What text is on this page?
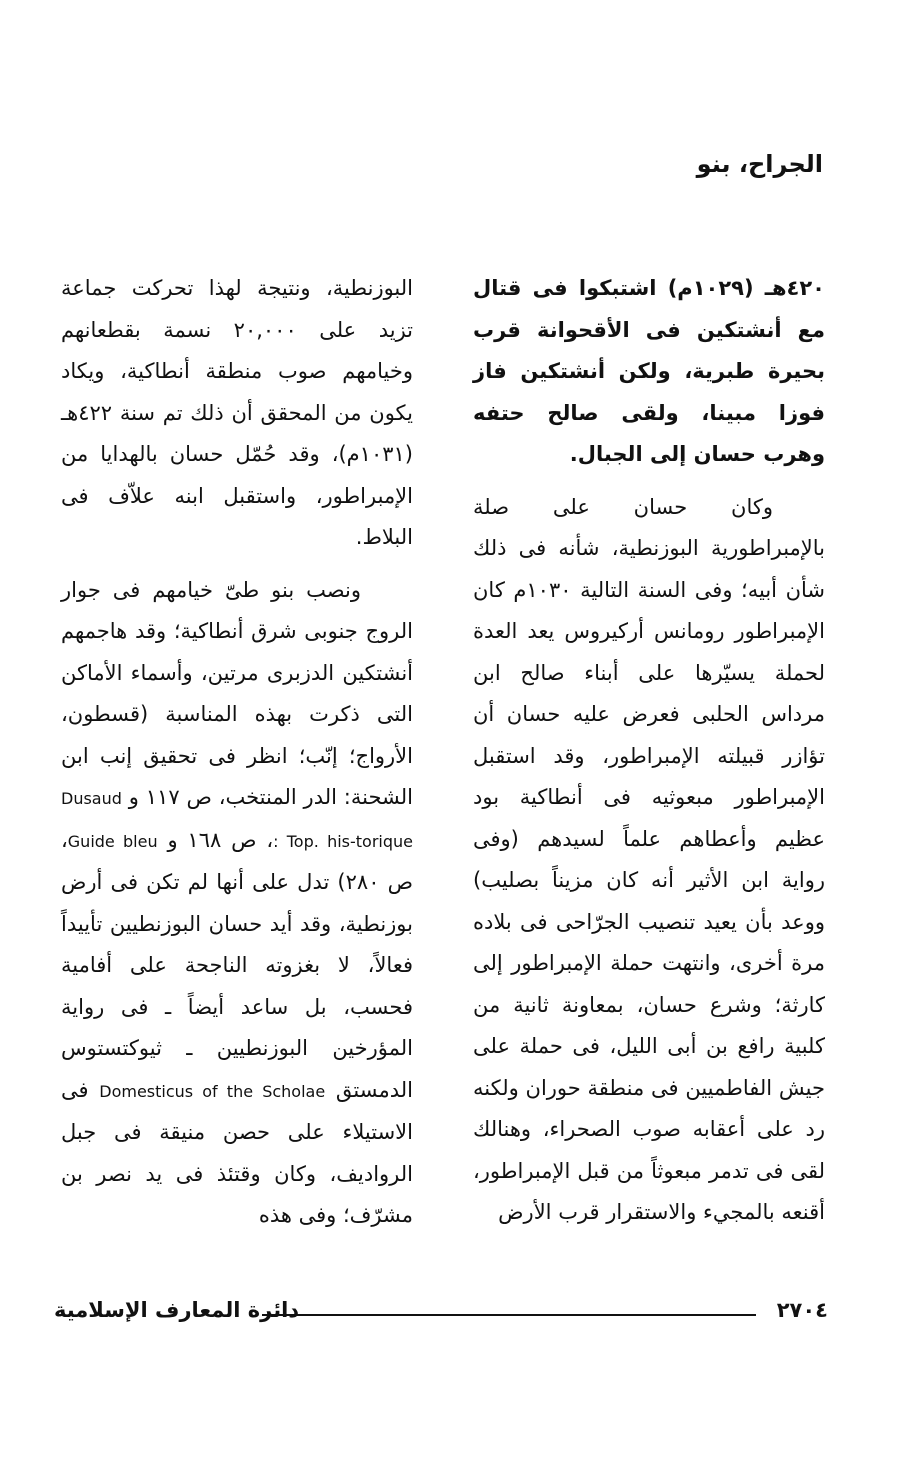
الجراح، بنو

٤٢٠هـ (١٠٢٩م) اشتبكوا فى قتال مع أنشتكين فى الأقحوانة قرب بحيرة طبرية، ولكن أنشتكين فاز فوزا مبينا، ولقى صالح حتفه وهرب حسان إلى الجبال.

وكان حسان على صلة بالإمبراطورية البوزنطية، شأنه فى ذلك شأن أبيه؛ وفى السنة التالية ١٠٣٠م كان الإمبراطور رومانس أركيروس يعد العدة لحملة يسيّرها على أبناء صالح ابن مرداس الحلبى فعرض عليه حسان أن تؤازر قبيلته الإمبراطور، وقد استقبل الإمبراطور مبعوثيه فى أنطاكية بود عظيم وأعطاهم علماً لسيدهم (وفى رواية ابن الأثير أنه كان مزيناً بصليب) ووعد بأن يعيد تنصيب الجرّاحى فى بلاده مرة أخرى، وانتهت حملة الإمبراطور إلى كارثة؛ وشرع حسان، بمعاونة ثانية من كلبية رافع بن أبى الليل، فى حملة على جيش الفاطميين فى منطقة حوران ولكنه رد على أعقابه صوب الصحراء، وهنالك لقى فى تدمر مبعوثاً من قبل الإمبراطور، أقنعه بالمجيء والاستقرار قرب الأرض

البوزنطية، ونتيجة لهذا تحركت جماعة تزيد على ٢٠,٠٠٠ نسمة بقطعانهم وخيامهم صوب منطقة أنطاكية، ويكاد يكون من المحقق أن ذلك تم سنة ٤٢٢هـ (١٠٣١م)، وقد حُمّل حسان بالهدايا من الإمبراطور، واستقبل ابنه علاّف فى البلاط.

ونصب بنو طىّ خيامهم فى جوار الروج جنوبى شرق أنطاكية؛ وقد هاجمهم أنشتكين الدزبرى مرتين، وأسماء الأماكن التى ذكرت بهذه المناسبة (قسطون، الأرواج؛ إنّب؛ انظر فى تحقيق إنب ابن الشحنة: الدر المنتخب، ص ١١٧ و Dusaud : Top. his-torique، ص ١٦٨ و Guide bleu، ص ٢٨٠) تدل على أنها لم تكن فى أرض بوزنطية، وقد أيد حسان البوزنطيين تأييداً فعالاً، لا بغزوته الناجحة على أفامية فحسب، بل ساعد أيضاً ـ فى رواية المؤرخين البوزنطيين ـ ثيوكتستوس الدمستق Domesticus of the Scholae فى الاستيلاء على حصن منيقة فى جبل الرواديف، وكان وقتئذ فى يد نصر بن مشرّف؛ وفى هذه

دائرة المعارف الإسلامية	٢٧٠٤
